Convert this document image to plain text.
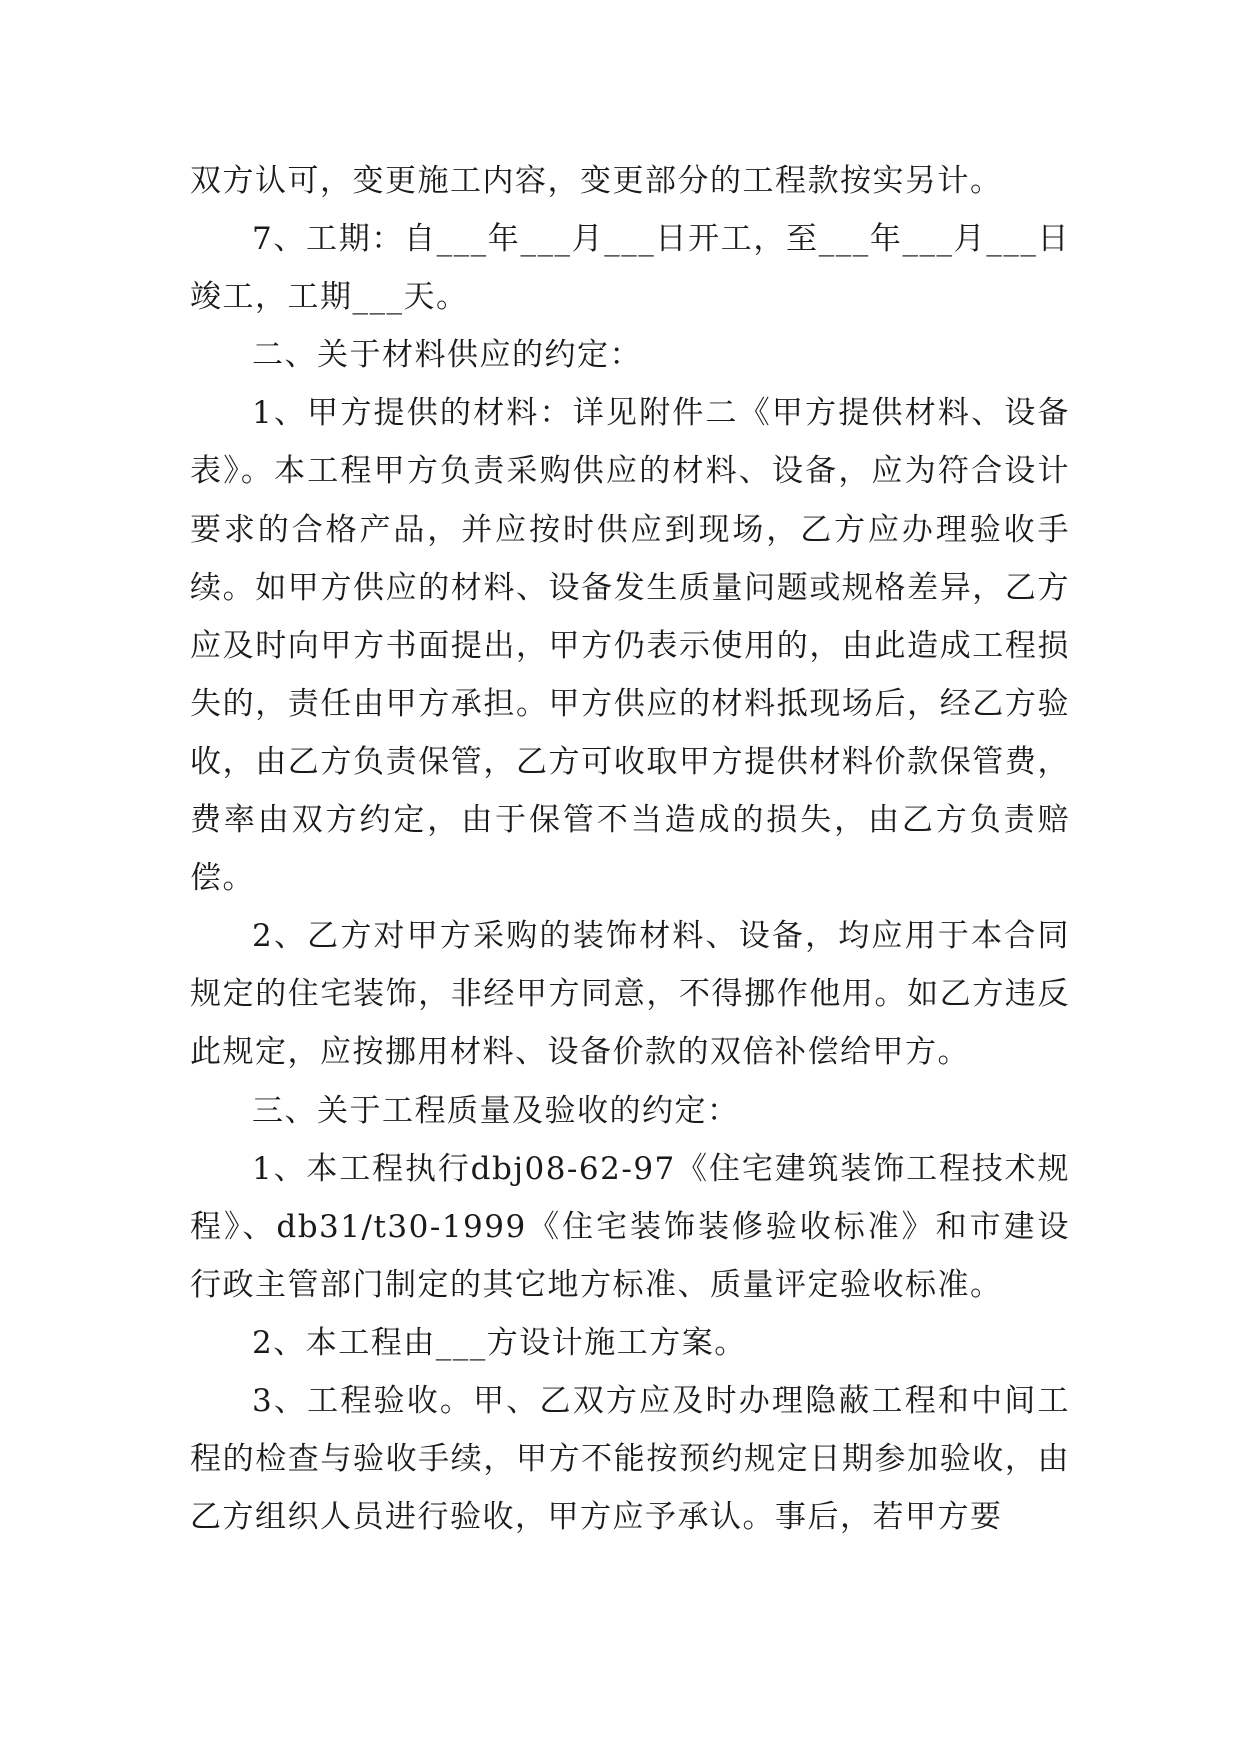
双方认可，变更施工内容，变更部分的工程款按实另计。

7、工期：自___年___月___日开工，至___年___月___日竣工，工期___天。

二、关于材料供应的约定：

1、甲方提供的材料：详见附件二《甲方提供材料、设备表》。本工程甲方负责采购供应的材料、设备，应为符合设计要求的合格产品，并应按时供应到现场，乙方应办理验收手续。如甲方供应的材料、设备发生质量问题或规格差异，乙方应及时向甲方书面提出，甲方仍表示使用的，由此造成工程损失的，责任由甲方承担。甲方供应的材料抵现场后，经乙方验收，由乙方负责保管，乙方可收取甲方提供材料价款保管费，费率由双方约定，由于保管不当造成的损失，由乙方负责赔偿。

2、乙方对甲方采购的装饰材料、设备，均应用于本合同规定的住宅装饰，非经甲方同意，不得挪作他用。如乙方违反此规定，应按挪用材料、设备价款的双倍补偿给甲方。

三、关于工程质量及验收的约定：

1、本工程执行dbj08-62-97《住宅建筑装饰工程技术规程》、db31/t30-1999《住宅装饰装修验收标准》和市建设行政主管部门制定的其它地方标准、质量评定验收标准。

2、本工程由___方设计施工方案。

3、工程验收。甲、乙双方应及时办理隐蔽工程和中间工程的检查与验收手续，甲方不能按预约规定日期参加验收，由乙方组织人员进行验收，甲方应予承认。事后，若甲方要
